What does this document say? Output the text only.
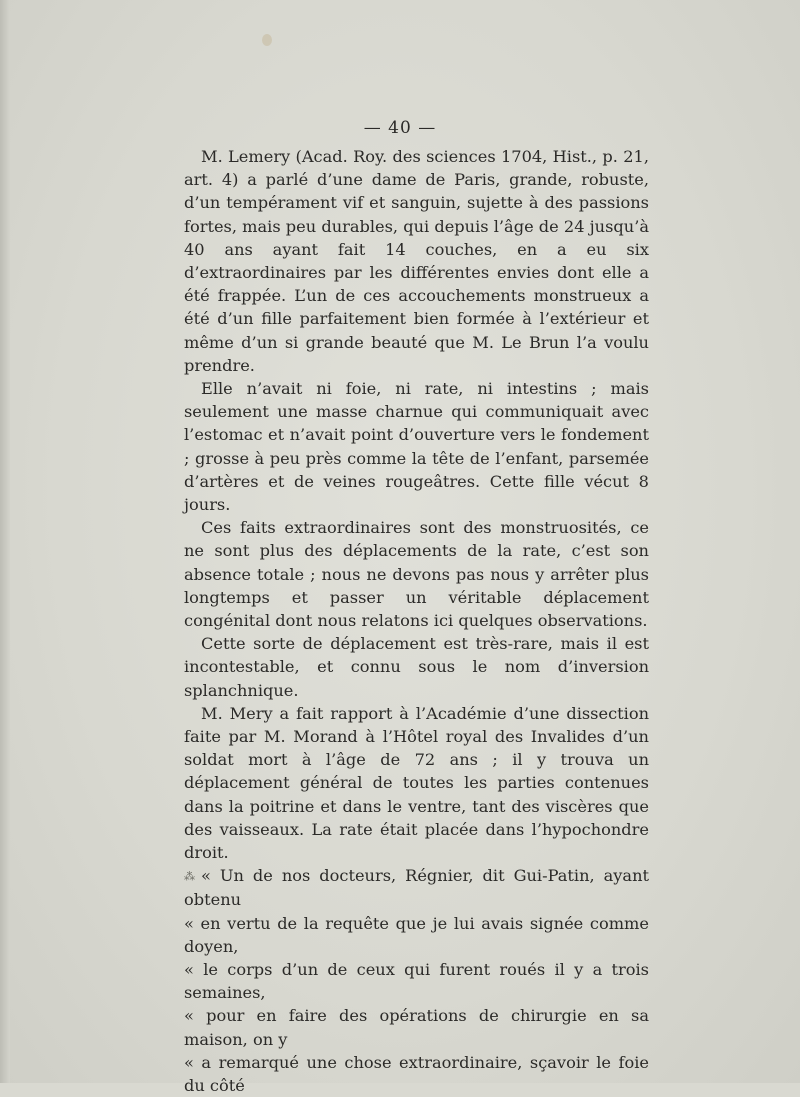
— 40 —

M. Lemery (Acad. Roy. des sciences 1704, Hist., p. 21, art. 4) a parlé d’une dame de Paris, grande, robuste, d’un tempérament vif et sanguin, sujette à des passions fortes, mais peu durables, qui depuis l’âge de 24 jusqu’à 40 ans ayant fait 14 couches, en a eu six d’extraordinaires par les différentes envies dont elle a été frappée. L’un de ces accouchements monstrueux a été d’un fille parfaitement bien formée à l’extérieur et même d’un si grande beauté que M. Le Brun l’a voulu prendre.

Elle n’avait ni foie, ni rate, ni intestins ; mais seulement une masse charnue qui communiquait avec l’estomac et n’avait point d’ouverture vers le fondement ; grosse à peu près comme la tête de l’enfant, parsemée d’artères et de veines rougeâtres. Cette fille vécut 8 jours.

Ces faits extraordinaires sont des monstruosités, ce ne sont plus des déplacements de la rate, c’est son absence totale ; nous ne devons pas nous y arrêter plus longtemps et passer un véritable déplacement congénital dont nous relatons ici quelques observations.

Cette sorte de déplacement est très-rare, mais il est incontestable, et connu sous le nom d’inversion splanchnique.

M. Mery a fait rapport à l’Académie d’une dissection faite par M. Morand à l’Hôtel royal des Invalides d’un soldat mort à l’âge de 72 ans ; il y trouva un déplacement général de toutes les parties contenues dans la poitrine et dans le ventre, tant des viscères que des vaisseaux. La rate était placée dans l’hypochondre droit.

⁂ « Un de nos docteurs, Régnier, dit Gui-Patin, ayant obtenu
« en vertu de la requête que je lui avais signée comme doyen,
« le corps d’un de ceux qui furent roués il y a trois semaines,
« pour en faire des opérations de chirurgie en sa maison, on y
« a remarqué une chose extraordinaire, sçavoir le foie du côté
